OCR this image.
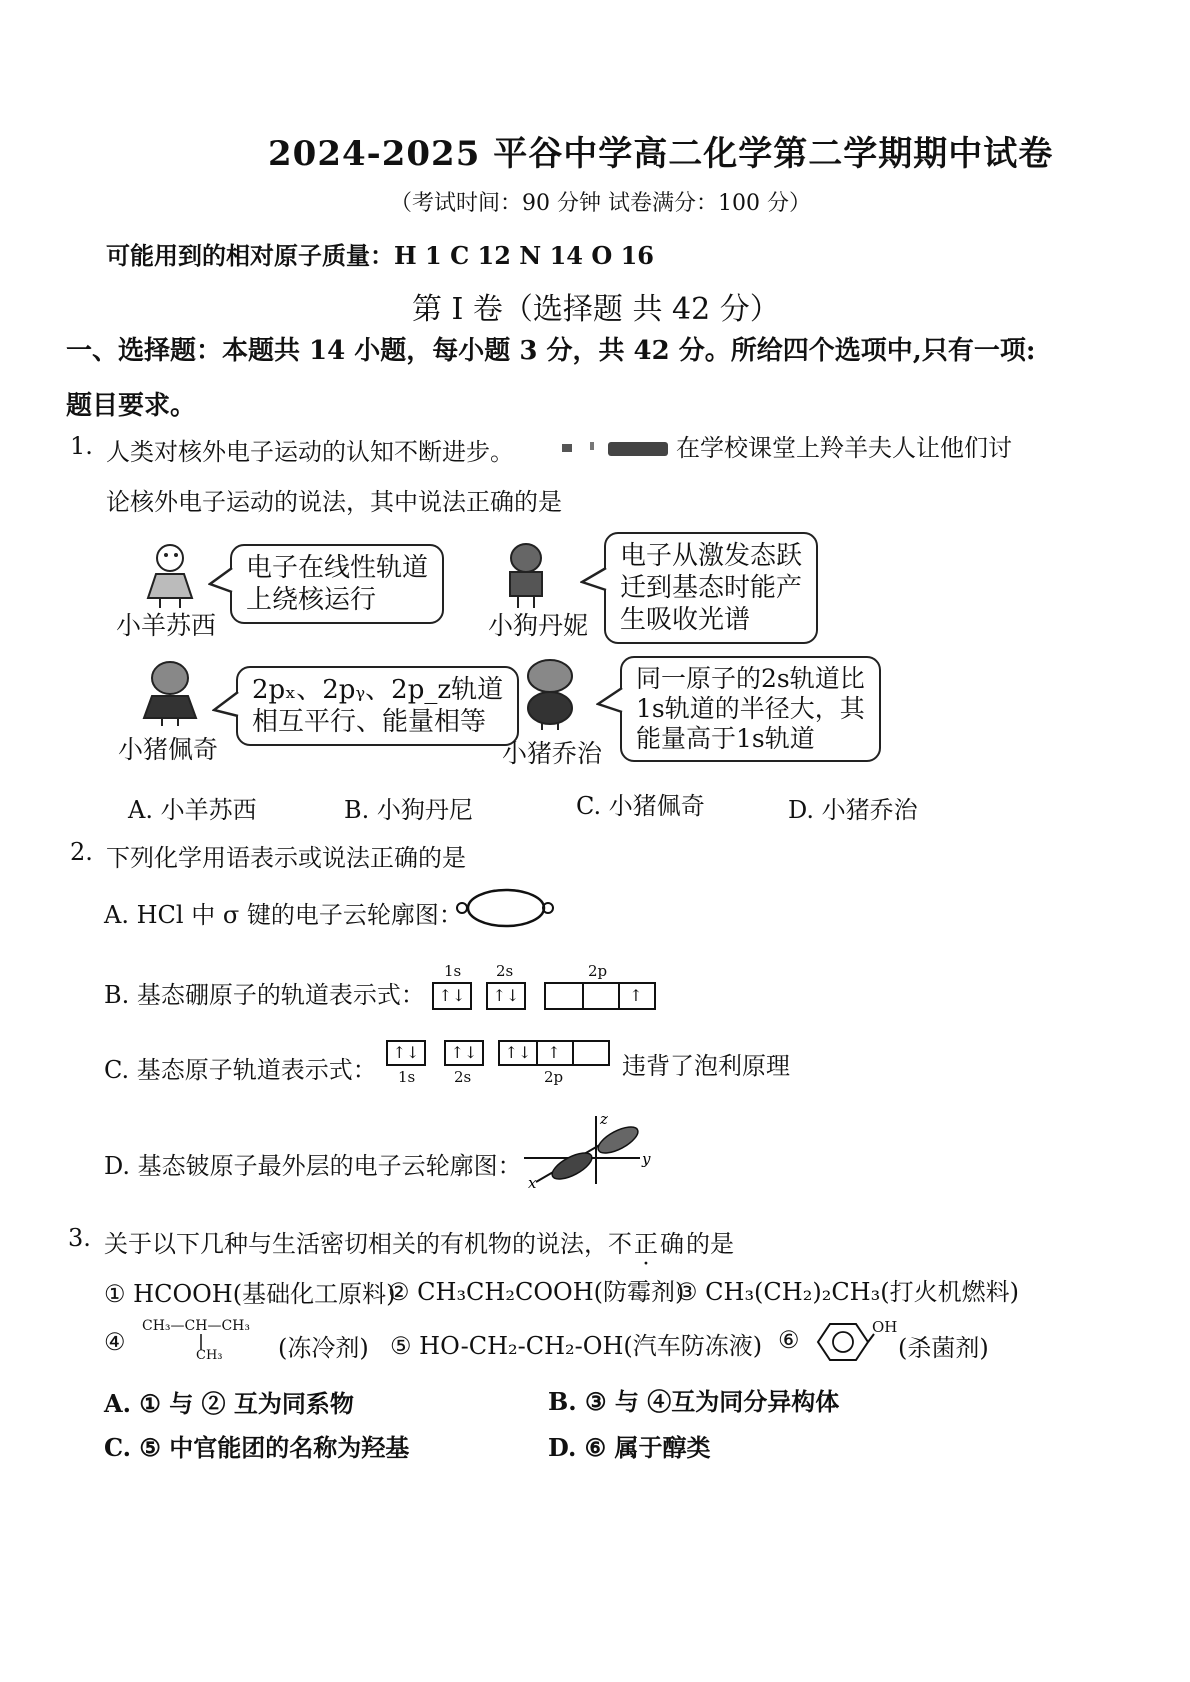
2024-2025 平谷中学高二化学第二学期期中试卷
（考试时间：90 分钟 试卷满分：100 分）
可能用到的相对原子质量：H 1 C 12 N 14 O 16
第 I 卷（选择题 共 42 分）
一、选择题：本题共 14 小题，每小题 3 分，共 42 分。所给四个选项中,只有一项:
题目要求。
1. 人类对核外电子运动的认知不断进步。	在学校课堂上羚羊夫人让他们讨
论核外电子运动的说法，其中说法正确的是
小羊苏西
电子在线性轨道
上绕核运行
小狗丹妮
电子从激发态跃
迁到基态时能产
生吸收光谱
小猪佩奇
2pₓ、2pᵧ、2p_z轨道
相互平行、能量相等
小猪乔治
同一原子的2s轨道比
1s轨道的半径大，其
能量高于1s轨道
A. 小羊苏西	B. 小狗丹尼	C. 小猪佩奇	D. 小猪乔治
2. 下列化学用语表示或说法正确的是
A. HCl 中 σ 键的电子云轮廓图：
B. 基态硼原子的轨道表示式：
1s 2s	2p
↑↓	↑↓	↑
C. 基态原子轨道表示式：
↑↓	↑↓	↑↓ ↑
1s	2s	2p 违背了泡利原理
D. 基态铍原子最外层的电子云轮廓图：
z
y
x
3. 关于以下几种与生活密切相关的有机物的说法，不正确的是
① HCOOH(基础化工原料)
② CH₃CH₂COOH(防霉剂)
③ CH₃(CH₂)₂CH₃(打火机燃料)
④
CH₃—CH—CH₃
CH₃ (冻冷剂) ⑤ HO-CH₂-CH₂-OH(汽车防冻液) ⑥	OH
(杀菌剂)
A. ① 与 ② 互为同系物	B. ③ 与 ④互为同分异构体
C. ⑤ 中官能团的名称为羟基	D. ⑥ 属于醇类
